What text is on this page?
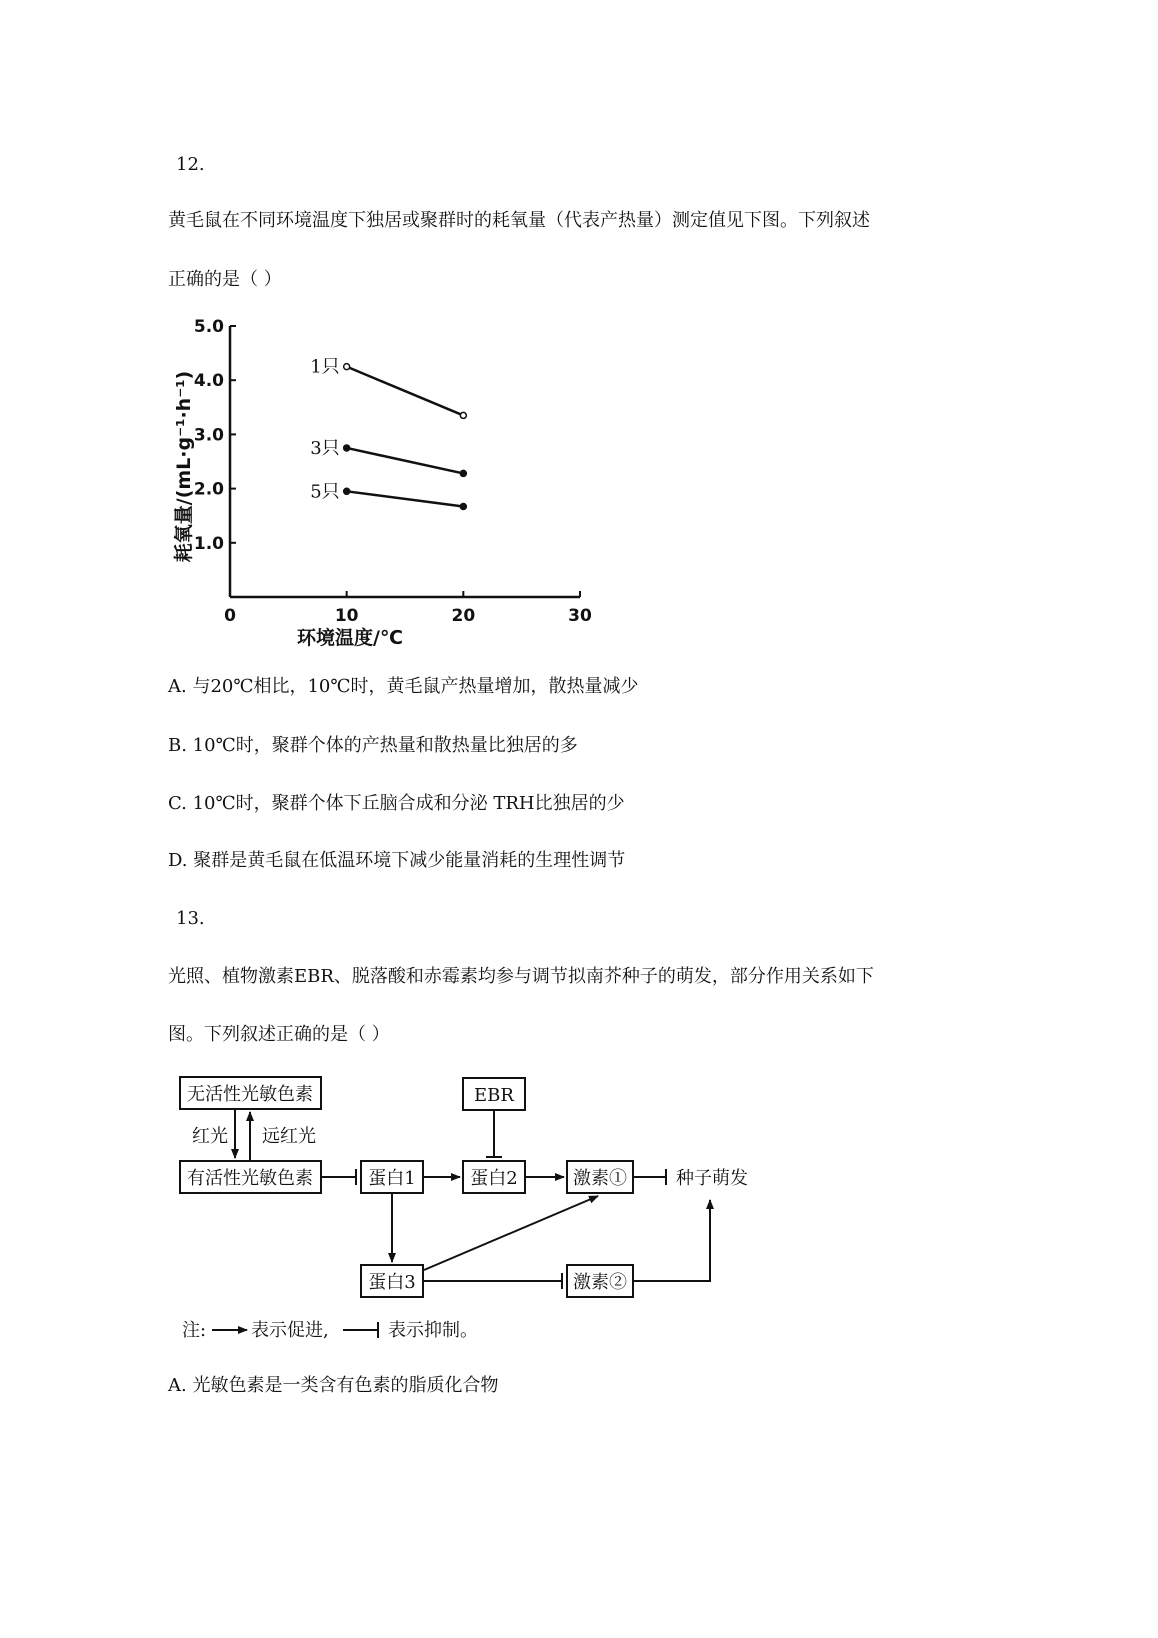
12.
黄毛鼠在不同环境温度下独居或聚群时的耗氧量（代表产热量）测定值见下图。下列叙述
正确的是（ ）
1.0
2.0
3.0
4.0
5.0
0	10	20	30
环境温度/℃
耗氧量/(mL·g⁻¹·h⁻¹)
1只
3只
5只
A. 与20℃相比，10℃时，黄毛鼠产热量增加，散热量减少
B. 10℃时，聚群个体的产热量和散热量比独居的多
C. 10℃时，聚群个体下丘脑合成和分泌 TRH比独居的少
D. 聚群是黄毛鼠在低温环境下减少能量消耗的生理性调节
13.
光照、植物激素EBR、脱落酸和赤霉素均参与调节拟南芥种子的萌发，部分作用关系如下
图。下列叙述正确的是（ ）
无活性光敏色素
有活性光敏色素
EBR
蛋白1	蛋白2	激素①	种子萌发
蛋白3	激素②
红光 远红光
注: 表示促进,	表示抑制。
A. 光敏色素是一类含有色素的脂质化合物
